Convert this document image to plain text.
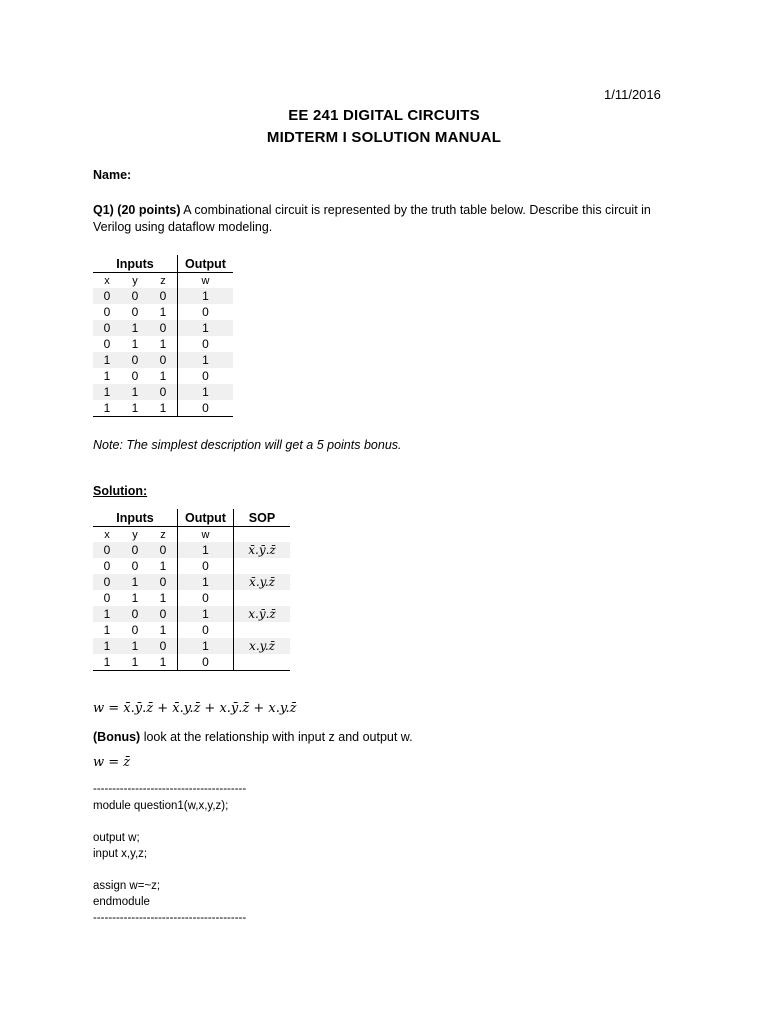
1/11/2016
EE 241 DIGITAL CIRCUITS
MIDTERM I SOLUTION MANUAL
Name:
Q1) (20 points) A combinational circuit is represented by the truth table below. Describe this circuit in Verilog using dataflow modeling.
Inputs			Output
x	y	z	w
0	0	0	1
0	0	1	0
0	1	0	1
0	1	1	0
1	0	0	1
1	0	1	0
1	1	0	1
1	1	1	0
Note: The simplest description will get a 5 points bonus.
Solution:
Inputs			Output	SOP
x	y	z	w	
0	0	0	1	x̄.ȳ.z̄
0	0	1	0	
0	1	0	1	x̄.y.z̄
0	1	1	0	
1	0	0	1	x.ȳ.z̄
1	0	1	0	
1	1	0	1	x.y.z̄
1	1	1	0	
w = x̄.ȳ.z̄ + x̄.y.z̄ + x.ȳ.z̄ + x.y.z̄
(Bonus) look at the relationship with input z and output w.
w = z̄
----------------------------------------
module question1(w,x,y,z);
output w;
input x,y,z;
assign w=~z;
endmodule
----------------------------------------
